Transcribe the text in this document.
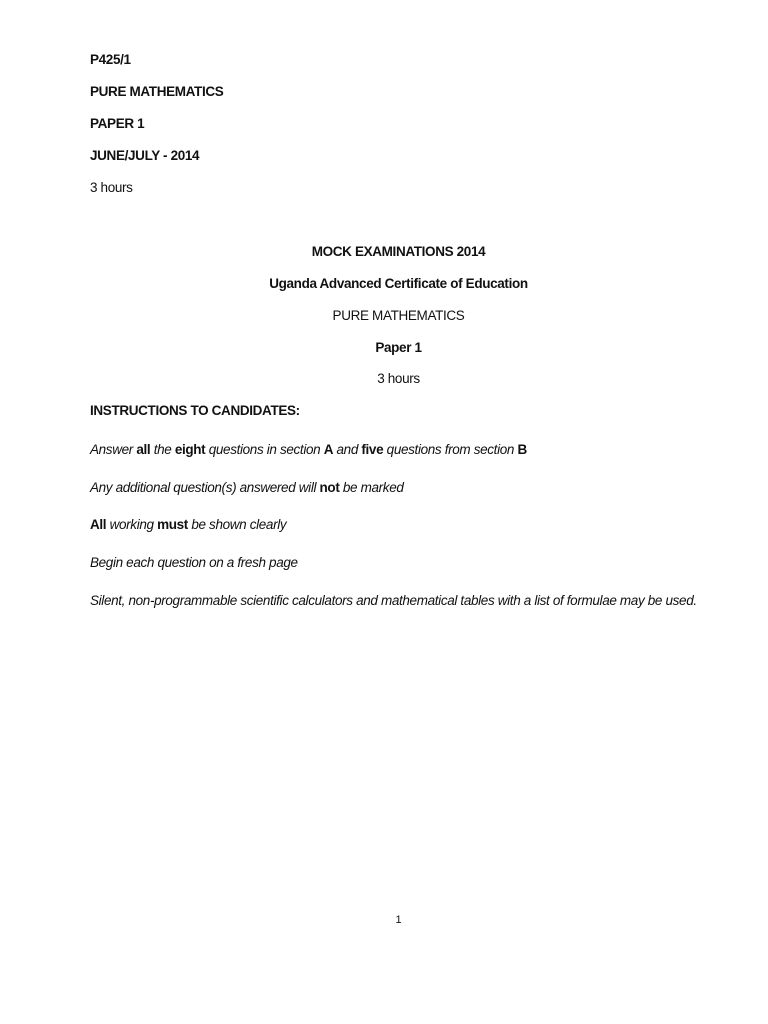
P425/1
PURE MATHEMATICS
PAPER 1
JUNE/JULY - 2014
3 hours
MOCK EXAMINATIONS 2014
Uganda Advanced Certificate of Education
PURE MATHEMATICS
Paper 1
3 hours
INSTRUCTIONS TO CANDIDATES:
Answer all the eight questions in section A and five questions from section B
Any additional question(s) answered will not be marked
All working must be shown clearly
Begin each question on a fresh page
Silent, non-programmable scientific calculators and mathematical tables with a list of formulae may be used.
1
